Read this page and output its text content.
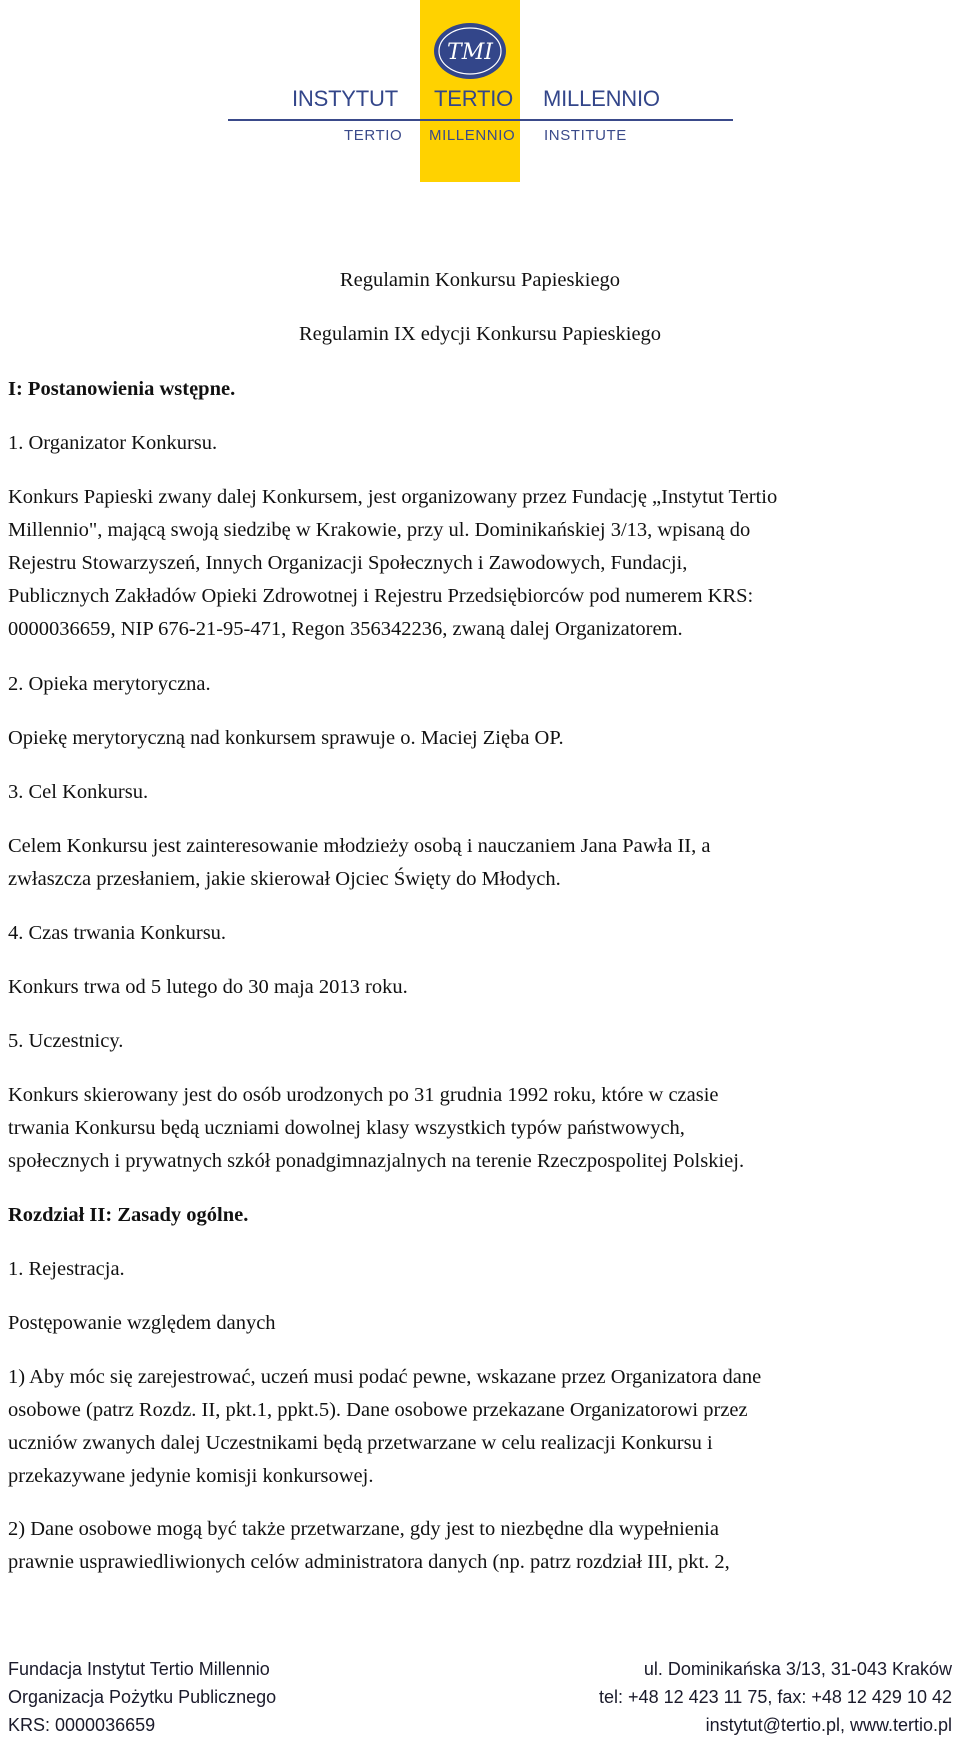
TMI
INSTYTUT TERTIO MILLENNIO
TERTIO MILLENNIO INSTITUTE
Regulamin Konkursu Papieskiego
Regulamin IX edycji Konkursu Papieskiego
I: Postanowienia wstępne.
1. Organizator Konkursu.
Konkurs Papieski zwany dalej Konkursem, jest organizowany przez Fundację „Instytut Tertio
Millennio", mającą swoją siedzibę w Krakowie, przy ul. Dominikańskiej 3/13, wpisaną do
Rejestru Stowarzyszeń, Innych Organizacji Społecznych i Zawodowych, Fundacji,
Publicznych Zakładów Opieki Zdrowotnej i Rejestru Przedsiębiorców pod numerem KRS:
0000036659, NIP 676-21-95-471, Regon 356342236, zwaną dalej Organizatorem.
2. Opieka merytoryczna.
Opiekę merytoryczną nad konkursem sprawuje o. Maciej Zięba OP.
3. Cel Konkursu.
Celem Konkursu jest zainteresowanie młodzieży osobą i nauczaniem Jana Pawła II, a
zwłaszcza przesłaniem, jakie skierował Ojciec Święty do Młodych.
4. Czas trwania Konkursu.
Konkurs trwa od 5 lutego do 30 maja 2013 roku.
5. Uczestnicy.
Konkurs skierowany jest do osób urodzonych po 31 grudnia 1992 roku, które w czasie
trwania Konkursu będą uczniami dowolnej klasy wszystkich typów państwowych,
społecznych i prywatnych szkół ponadgimnazjalnych na terenie Rzeczpospolitej Polskiej.
Rozdział II: Zasady ogólne.
1. Rejestracja.
Postępowanie względem danych
1) Aby móc się zarejestrować, uczeń musi podać pewne, wskazane przez Organizatora dane
osobowe (patrz Rozdz. II, pkt.1, ppkt.5). Dane osobowe przekazane Organizatorowi przez
uczniów zwanych dalej Uczestnikami będą przetwarzane w celu realizacji Konkursu i
przekazywane jedynie komisji konkursowej.
2) Dane osobowe mogą być także przetwarzane, gdy jest to niezbędne dla wypełnienia
prawnie usprawiedliwionych celów administratora danych (np. patrz rozdział III, pkt. 2,
Fundacja Instytut Tertio Millennio
Organizacja Pożytku Publicznego
KRS: 0000036659
ul. Dominikańska 3/13, 31-043 Kraków
tel: +48 12 423 11 75, fax: +48 12 429 10 42
instytut@tertio.pl, www.tertio.pl
